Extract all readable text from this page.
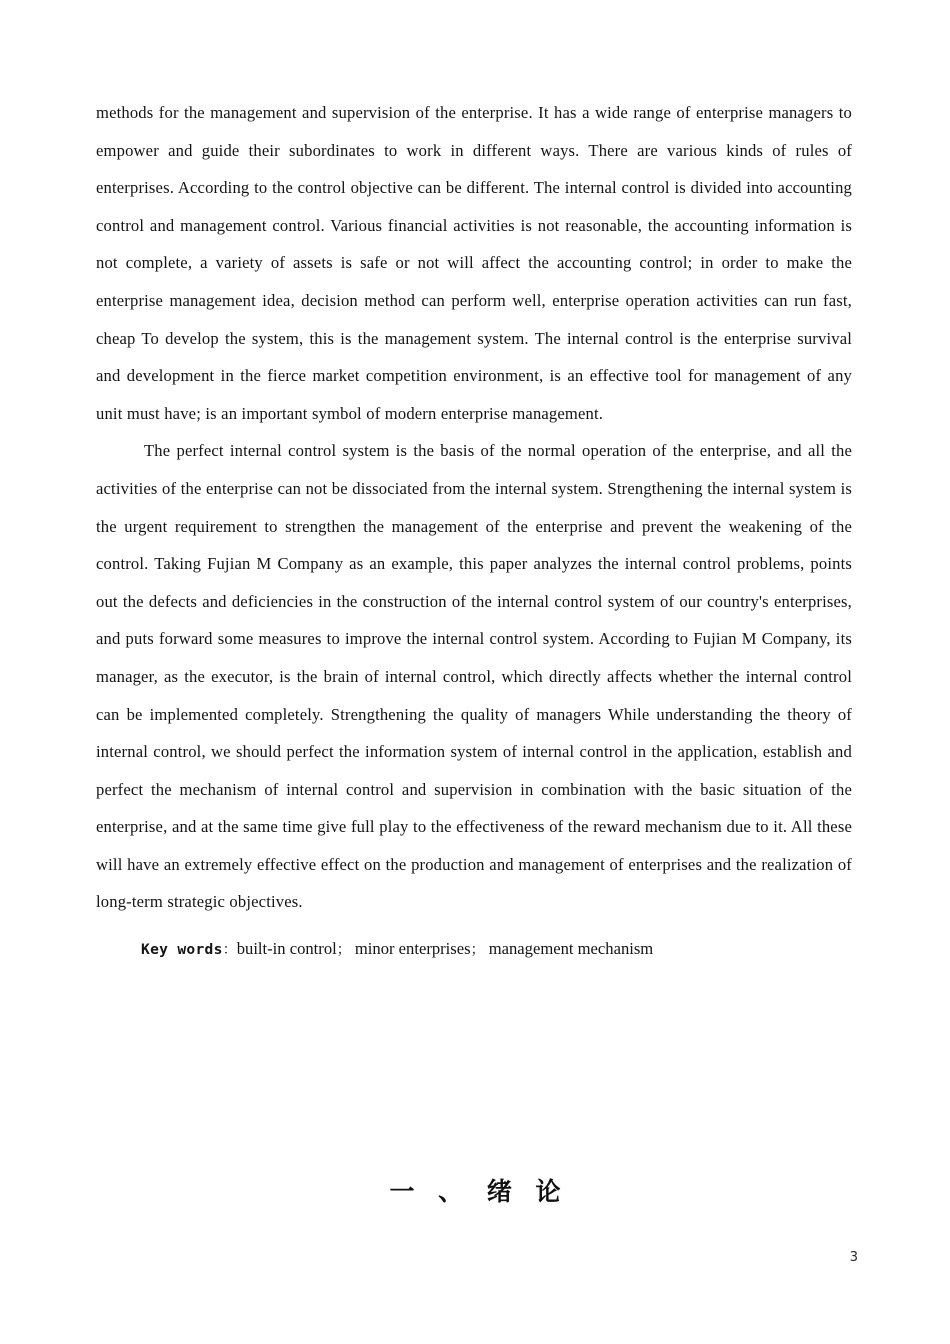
methods for the management and supervision of the enterprise. It has a wide range of enterprise managers to empower and guide their subordinates to work in different ways. There are various kinds of rules of enterprises. According to the control objective can be different. The internal control is divided into accounting control and management control. Various financial activities is not reasonable, the accounting information is not complete, a variety of assets is safe or not will affect the accounting control; in order to make the enterprise management idea, decision method can perform well, enterprise operation activities can run fast, cheap To develop the system, this is the management system. The internal control is the enterprise survival and development in the fierce market competition environment, is an effective tool for management of any unit must have; is an important symbol of modern enterprise management.

The perfect internal control system is the basis of the normal operation of the enterprise, and all the activities of the enterprise can not be dissociated from the internal system. Strengthening the internal system is the urgent requirement to strengthen the management of the enterprise and prevent the weakening of the control. Taking Fujian M Company as an example, this paper analyzes the internal control problems, points out the defects and deficiencies in the construction of the internal control system of our country's enterprises, and puts forward some measures to improve the internal control system. According to Fujian M Company, its manager, as the executor, is the brain of internal control, which directly affects whether the internal control can be implemented completely. Strengthening the quality of managers While understanding the theory of internal control, we should perfect the information system of internal control in the application, establish and perfect the mechanism of internal control and supervision in combination with the basic situation of the enterprise, and at the same time give full play to the effectiveness of the reward mechanism due to it. All these will have an extremely effective effect on the production and management of enterprises and the realization of long-term strategic objectives.

Key words：built-in control； minor enterprises； management mechanism

一 、 绪 论
3
